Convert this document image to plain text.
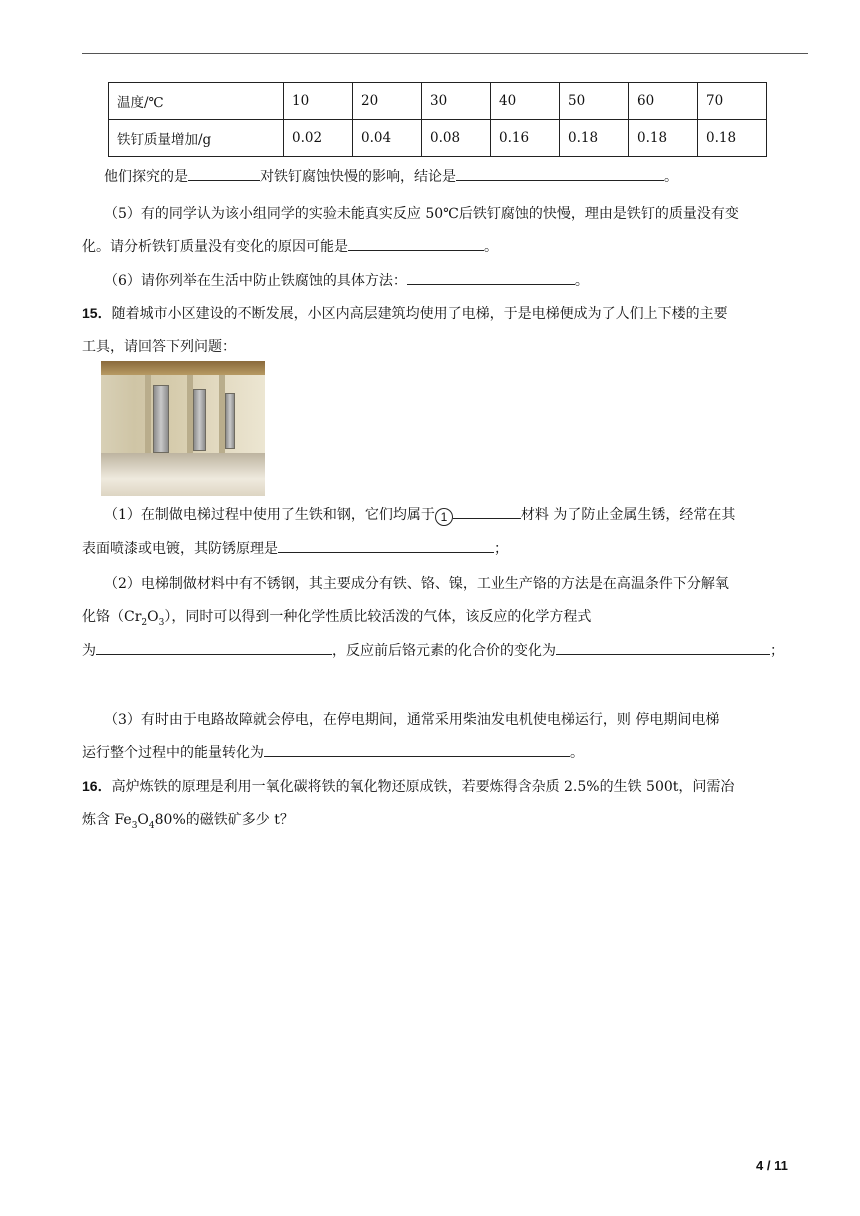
温度/℃	10	20	30	40	50	60	70
铁钉质量增加/g	0.02	0.04	0.08	0.16	0.18	0.18	0.18
他们探究的是	对铁钉腐蚀快慢的影响，结论是	。
（5）有的同学认为该小组同学的实验未能真实反应 50℃后铁钉腐蚀的快慢，理由是铁钉的质量没有变
化。请分析铁钉质量没有变化的原因可能是	。
（6）请你列举在生活中防止铁腐蚀的具体方法：	。
15．随着城市小区建设的不断发展，小区内高层建筑均使用了电梯，于是电梯便成为了人们上下楼的主要
工具，请回答下列问题：
（1）在制做电梯过程中使用了生铁和钢，它们均属于 1	材料 为了防止金属生锈，经常在其
表面喷漆或电镀，其防锈原理是	；
（2）电梯制做材料中有不锈钢，其主要成分有铁、铬、镍，工业生产铬的方法是在高温条件下分解氧
化铬$(Cr_2O_3)$，同时可以得到一种化学性质比较活泼的气体，该反应的化学方程式
为	，反应前后铬元素的化合价的变化为	；
（3）有时由于电路故障就会停电，在停电期间，通常采用柴油发电机使电梯运行，则 停电期间电梯
运行整个过程中的能量转化为	。
16．高炉炼铁的原理是利用一氧化碳将铁的氧化物还原成铁，若要炼得含杂质 2.5%的生铁 500t，问需冶
炼含 $Fe_3O_480\%$的磁铁矿多少 t？
4 / 11
